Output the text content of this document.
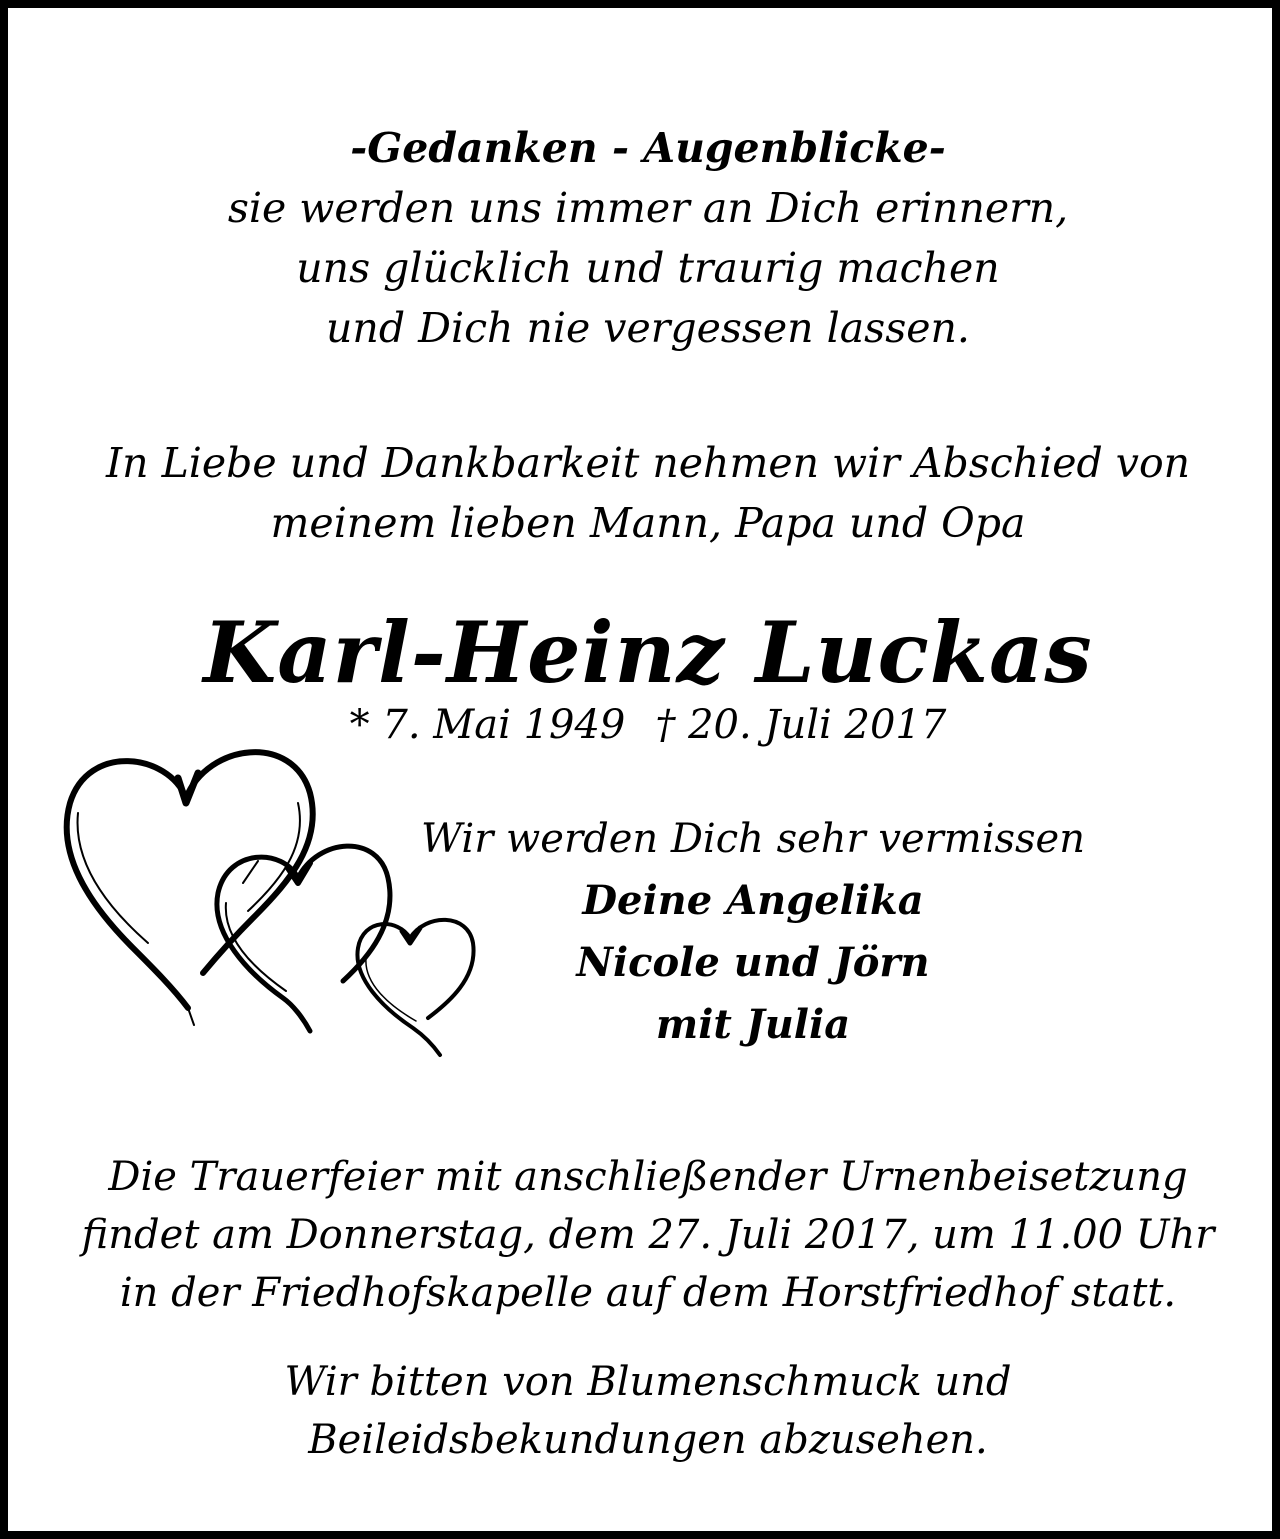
-Gedanken - Augenblicke-
sie werden uns immer an Dich erinnern,
uns glücklich und traurig machen
und Dich nie vergessen lassen.
In Liebe und Dankbarkeit nehmen wir Abschied von
meinem lieben Mann, Papa und Opa
Karl-Heinz Luckas
* 7. Mai 1949 † 20. Juli 2017
Wir werden Dich sehr vermissen
Deine Angelika
Nicole und Jörn
mit Julia
Die Trauerfeier mit anschließender Urnenbeisetzung
findet am Donnerstag, dem 27. Juli 2017, um 11.00 Uhr
in der Friedhofskapelle auf dem Horstfriedhof statt.
Wir bitten von Blumenschmuck und
Beileidsbekundungen abzusehen.
